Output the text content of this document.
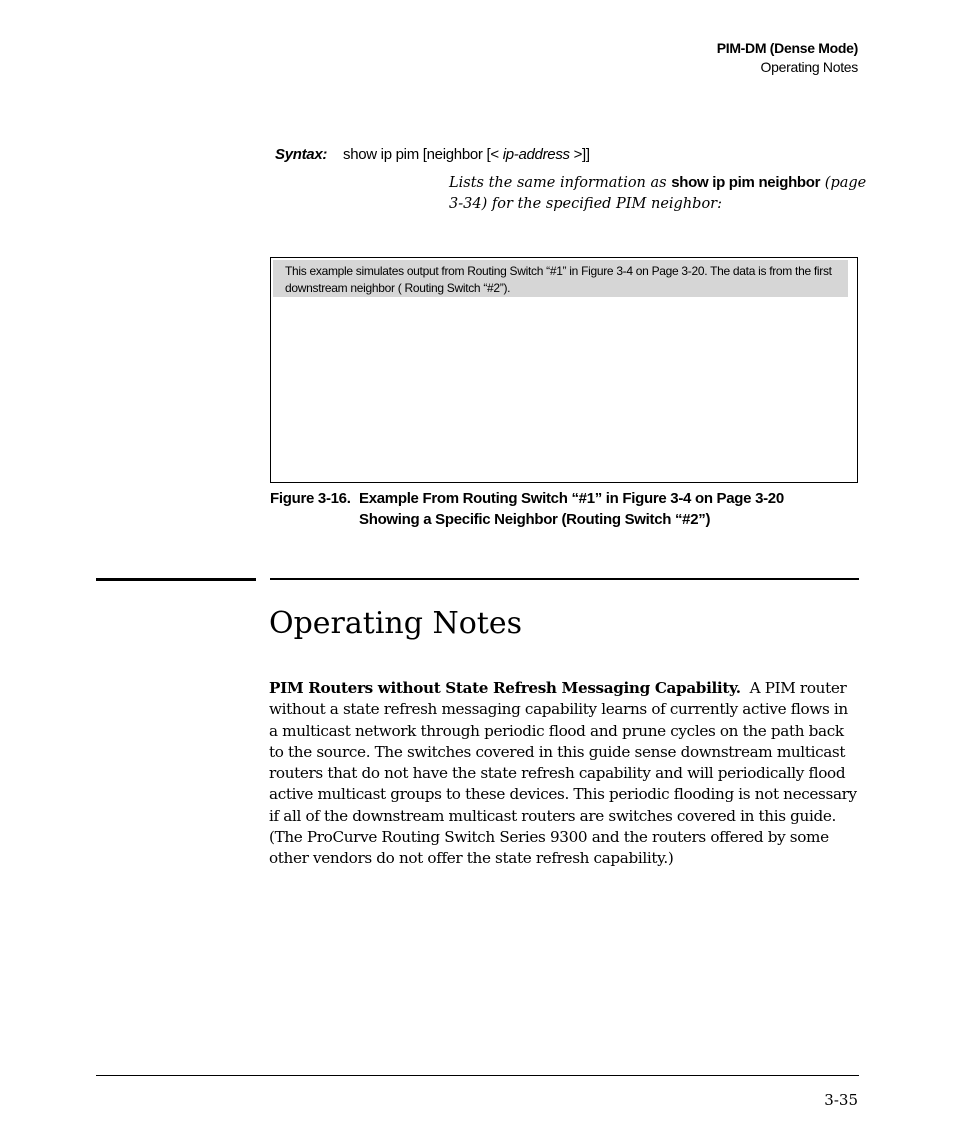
PIM-DM (Dense Mode)
Operating Notes
Syntax: show ip pim [neighbor [< ip-address >]]
Lists the same information as show ip pim neighbor (page 3-34) for the specified PIM neighbor:
This example simulates output from Routing Switch “#1” in Figure 3-4 on Page 3-20. The data is from the first downstream neighbor ( Routing Switch “#2”).
Figure 3-16. Example From Routing Switch “#1” in Figure 3-4 on Page 3-20
Showing a Specific Neighbor (Routing Switch “#2”)
Operating Notes

PIM Routers without State Refresh Messaging Capability. A PIM router without a state refresh messaging capability learns of currently active flows in a multicast network through periodic flood and prune cycles on the path back to the source. The switches covered in this guide sense downstream multicast routers that do not have the state refresh capability and will periodically flood active multicast groups to these devices. This periodic flooding is not necessary if all of the downstream multicast routers are switches covered in this guide. (The ProCurve Routing Switch Series 9300 and the routers offered by some other vendors do not offer the state refresh capability.)

3-35
